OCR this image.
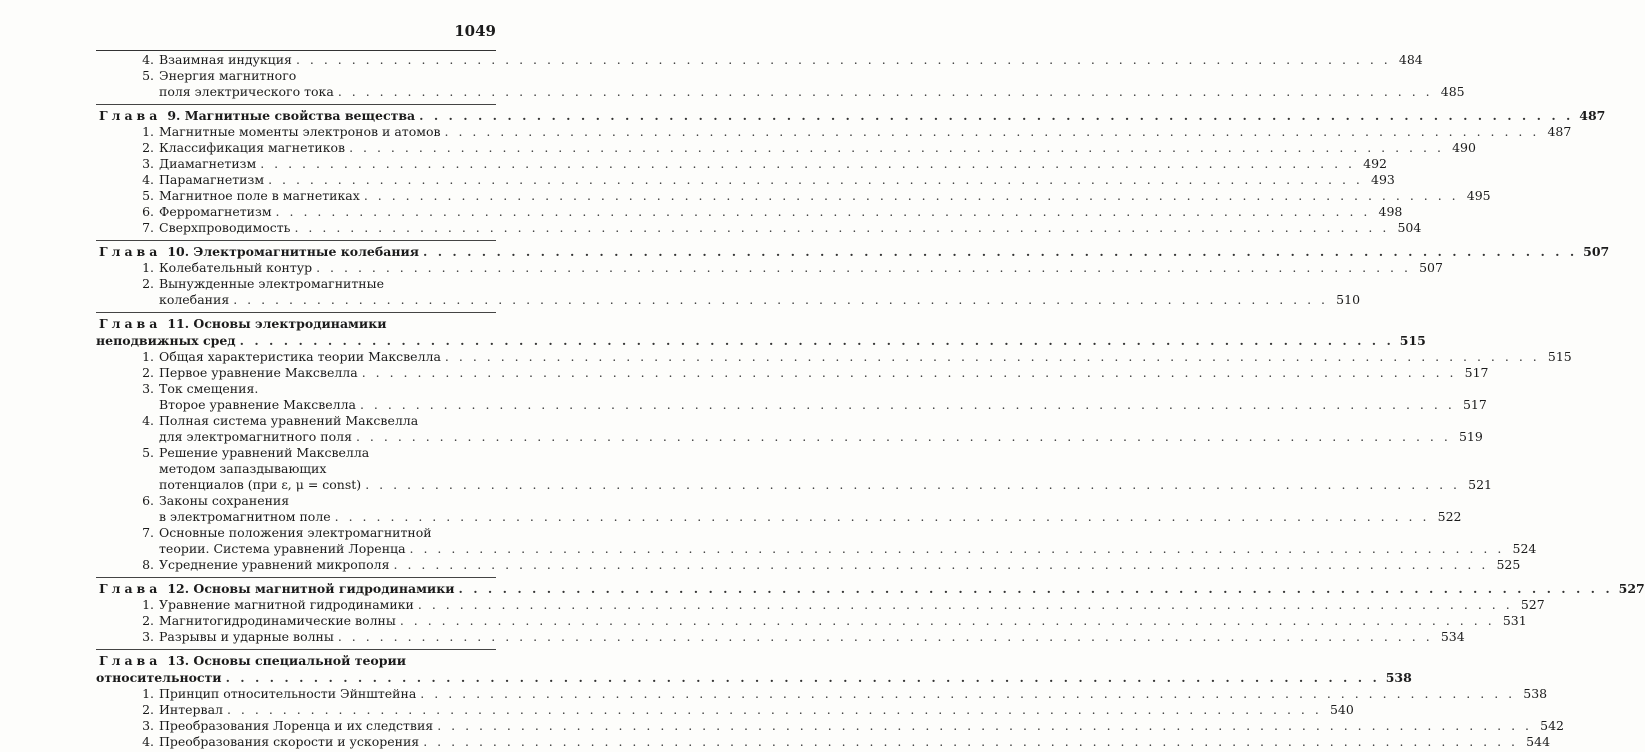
1049
4. Взаимная индукция . . .	484
5. Энергия магнитного
поля электрического тока . . .	485
Глава 9. Магнитные свойства вещества . . .	487
1. Магнитные моменты электронов и атомов . . .	487
2. Классификация магнетиков . . .	490
3. Диамагнетизм . . .	492
4. Парамагнетизм . . .	493
5. Магнитное поле в магнетиках . . .	495
6. Ферромагнетизм . . .	498
7. Сверхпроводимость . . .	504
Глава 10. Электромагнитные колебания . . .	507
1. Колебательный контур . . .	507
2. Вынужденные электромагнитные
колебания . . .	510
Глава 11. Основы электродинамики
неподвижных сред . . .	515
1. Общая характеристика теории Максвелла . . .	515
2. Первое уравнение Максвелла . . .	517
3. Ток смещения.
Второе уравнение Максвелла . . .	517
4. Полная система уравнений Максвелла
для электромагнитного поля . . .	519
5. Решение уравнений Максвелла
методом запаздывающих
потенциалов (при ε, μ = const) . . .	521
6. Законы сохранения
в электромагнитном поле . . .	522
7. Основные положения электромагнитной
теории. Система уравнений Лоренца . . .	524
8. Усреднение уравнений микрополя . . .	525
Глава 12. Основы магнитной гидродинамики . . .	527
1. Уравнение магнитной гидродинамики . . .	527
2. Магнитогидродинамические волны . . .	531
3. Разрывы и ударные волны . . .	534
Глава 13. Основы специальной теории
относительности . . .	538
1. Принцип относительности Эйнштейна . . .	538
2. Интервал . . .	540
3. Преобразования Лоренца и их следствия . . .	542
4. Преобразования скорости и ускорения . . .	544
